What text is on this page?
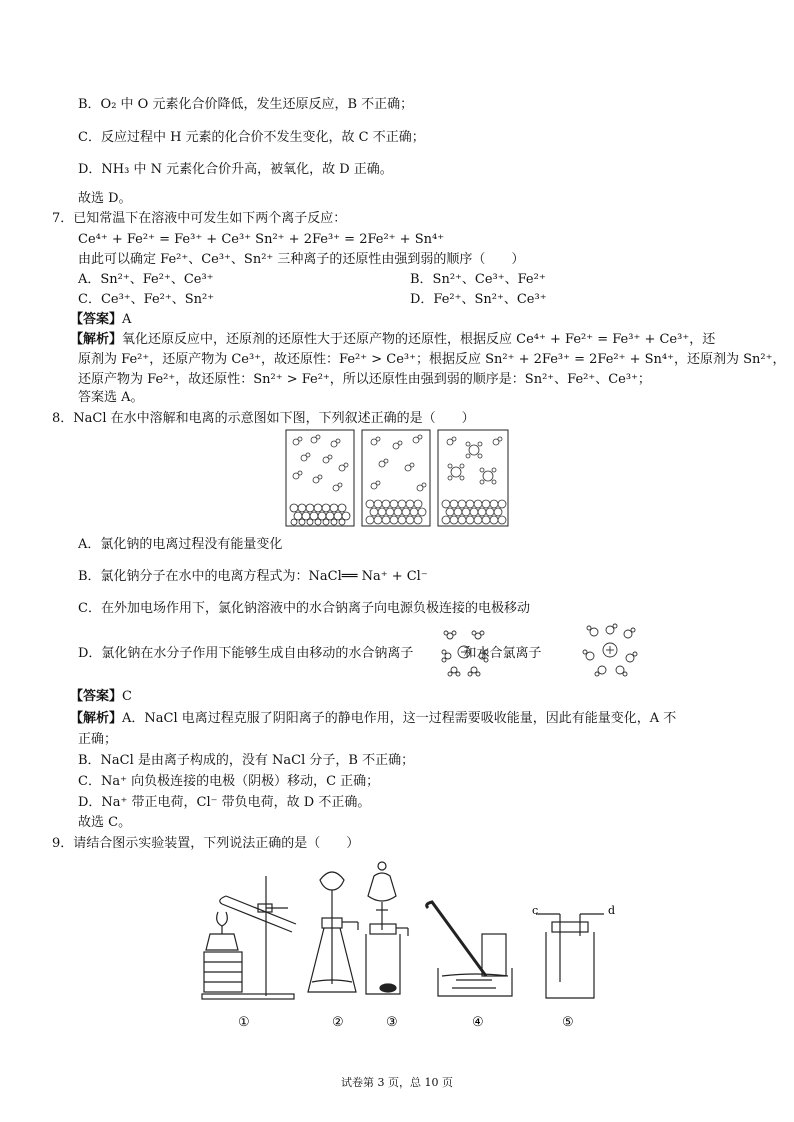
B．O₂ 中 O 元素化合价降低，发生还原反应，B 不正确；
C．反应过程中 H 元素的化合价不发生变化，故 C 不正确；
D．NH₃ 中 N 元素化合价升高，被氧化，故 D 正确。
故选 D。
7．已知常温下在溶液中可发生如下两个离子反应：
Ce⁴⁺ + Fe²⁺ = Fe³⁺ + Ce³⁺ Sn²⁺ + 2Fe³⁺ = 2Fe²⁺ + Sn⁴⁺
由此可以确定 Fe²⁺、Ce³⁺、Sn²⁺ 三种离子的还原性由强到弱的顺序（　　）
A．Sn²⁺、Fe²⁺、Ce³⁺	B．Sn²⁺、Ce³⁺、Fe²⁺
C．Ce³⁺、Fe²⁺、Sn²⁺	D．Fe²⁺、Sn²⁺、Ce³⁺
【答案】A
【解析】氧化还原反应中，还原剂的还原性大于还原产物的还原性，根据反应 Ce⁴⁺ + Fe²⁺ = Fe³⁺ + Ce³⁺，还
原剂为 Fe²⁺，还原产物为 Ce³⁺，故还原性：Fe²⁺ > Ce³⁺；根据反应 Sn²⁺ + 2Fe³⁺ = 2Fe²⁺ + Sn⁴⁺，还原剂为 Sn²⁺，
还原产物为 Fe²⁺，故还原性：Sn²⁺ > Fe²⁺，所以还原性由强到弱的顺序是：Sn²⁺、Fe²⁺、Ce³⁺；
答案选 A。
8．NaCl 在水中溶解和电离的示意图如下图，下列叙述正确的是（　　）
A．氯化钠的电离过程没有能量变化
B．氯化钠分子在水中的电离方程式为：NaCl══ Na⁺ + Cl⁻
C．在外加电场作用下，氯化钠溶液中的水合钠离子向电源负极连接的电极移动
D．氯化钠在水分子作用下能够生成自由移动的水合钠离子	和水合氯离子
【答案】C
【解析】A．NaCl 电离过程克服了阴阳离子的静电作用，这一过程需要吸收能量，因此有能量变化，A 不
正确；
B．NaCl 是由离子构成的，没有 NaCl 分子，B 不正确；
C．Na⁺ 向负极连接的电极（阴极）移动，C 正确；
D．Na⁺ 带正电荷，Cl⁻ 带负电荷，故 D 不正确。
故选 C。
9．请结合图示实验装置，下列说法正确的是（　　）
c	d
①	②	③	④	⑤
试卷第 3 页，总 10 页
